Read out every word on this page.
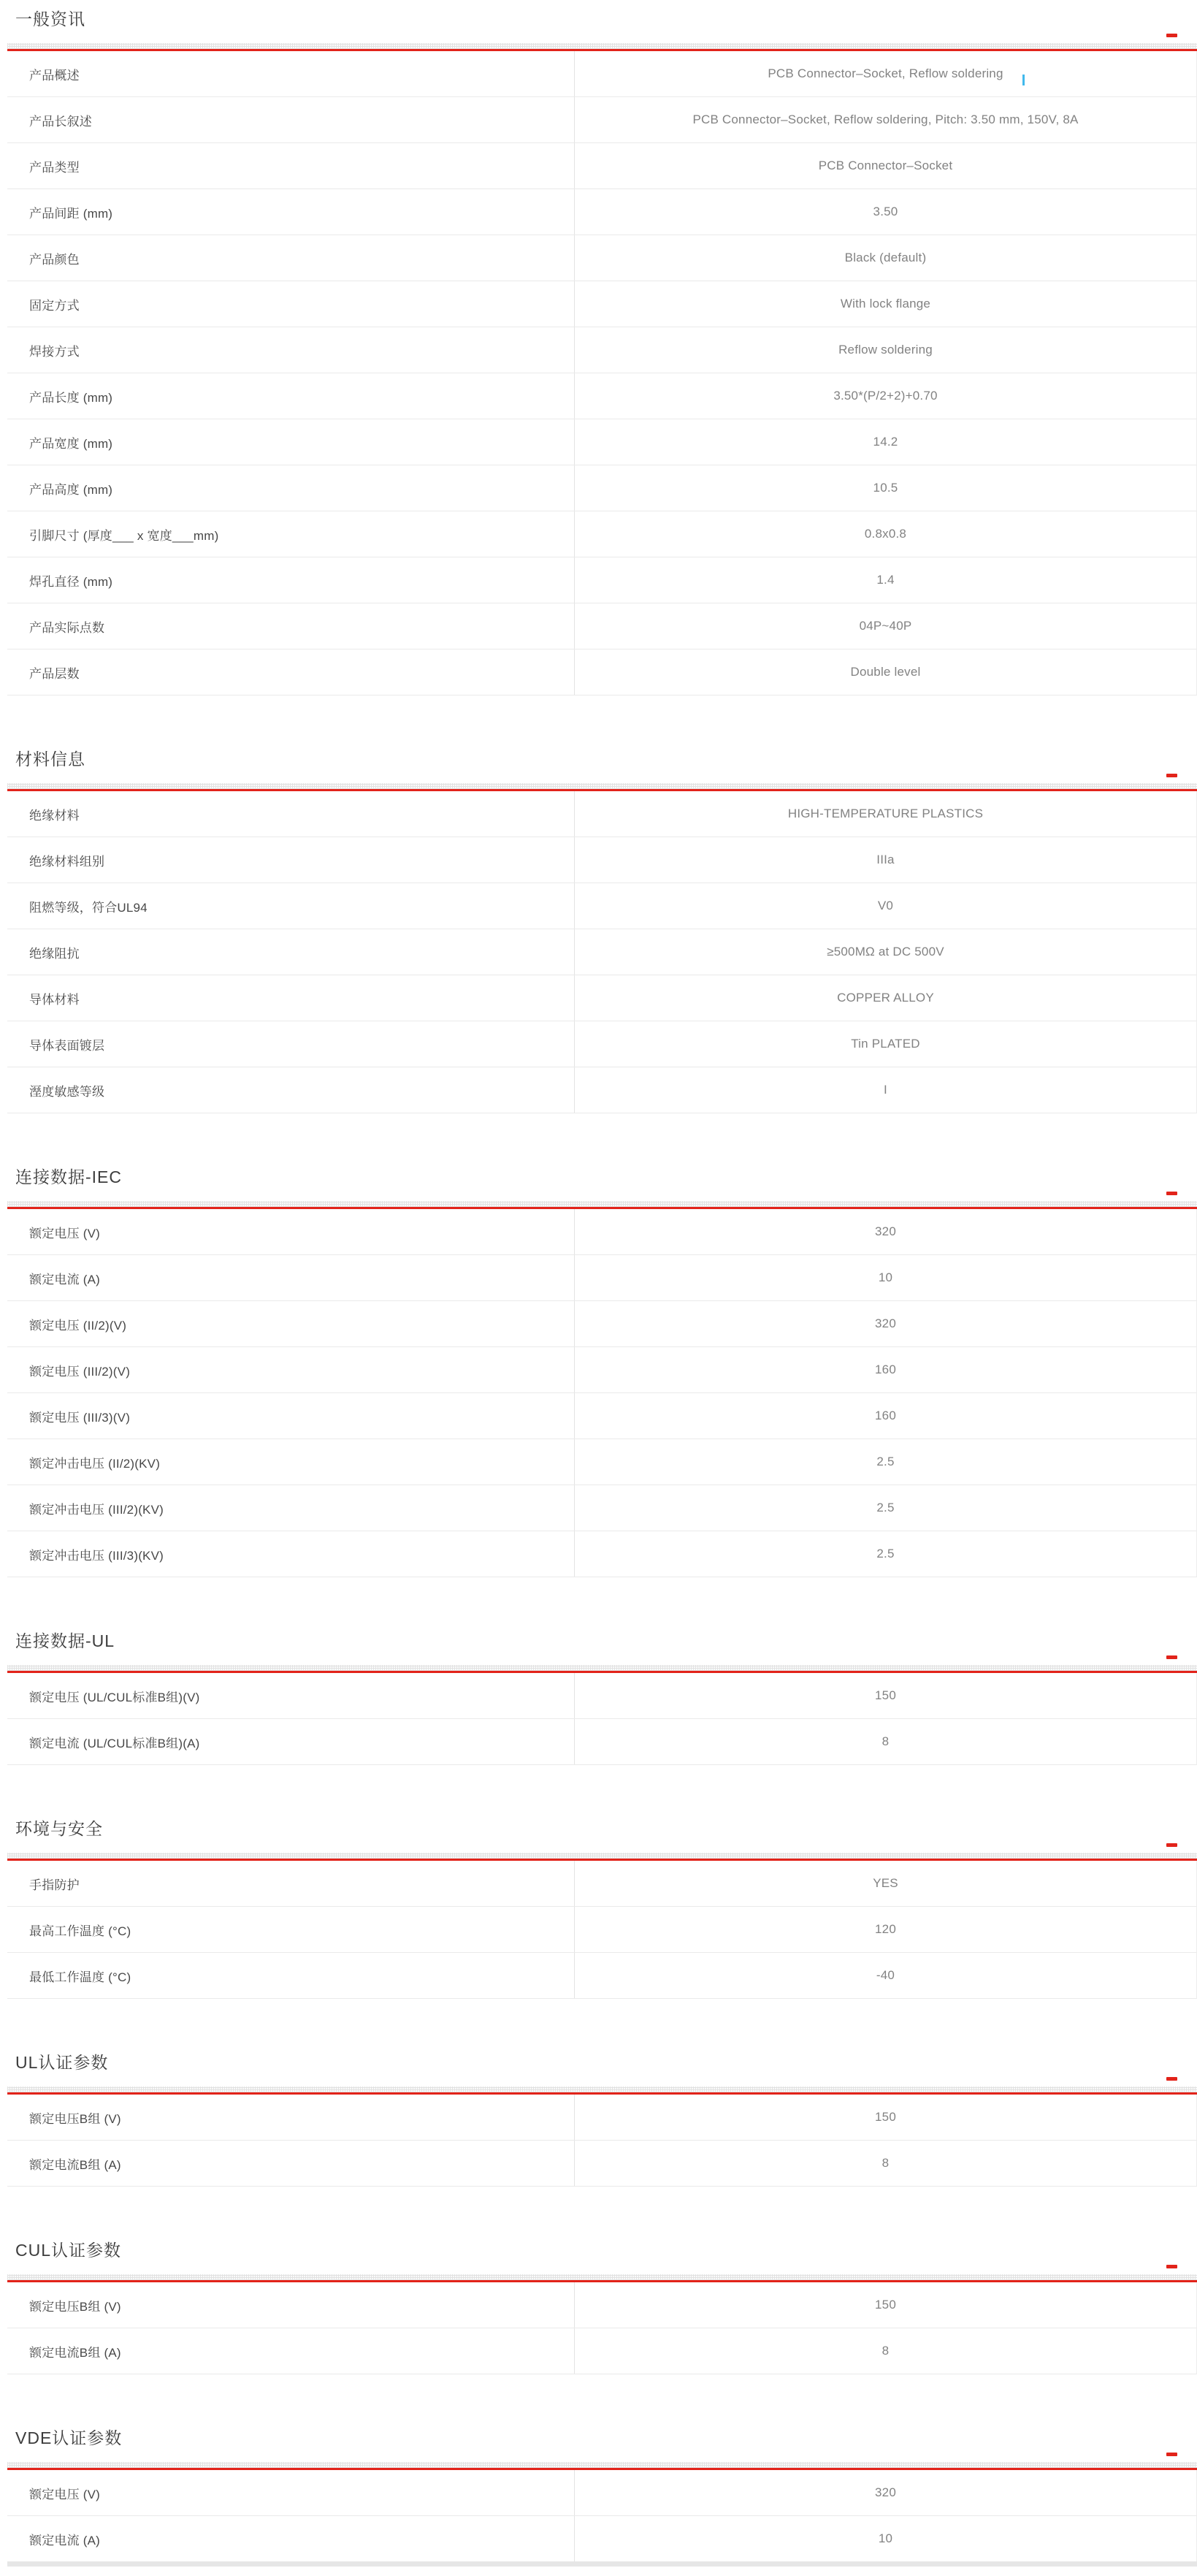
一般资讯
产品概述	PCB Connector–Socket, Reflow soldering
产品长叙述	PCB Connector–Socket, Reflow soldering, Pitch: 3.50 mm, 150V, 8A
产品类型	PCB Connector–Socket
产品间距 (mm)	3.50
产品颜色	Black (default)
固定方式	With lock flange
焊接方式	Reflow soldering
产品长度 (mm)	3.50*(P/2+2)+0.70
产品宽度 (mm)	14.2
产品高度 (mm)	10.5
引脚尺寸 (厚度___ x 宽度___mm)	0.8x0.8
焊孔直径 (mm)	1.4
产品实际点数	04P~40P
产品层数	Double level
材料信息
绝缘材料	HIGH-TEMPERATURE PLASTICS
绝缘材料组别	IIIa
阻燃等级，符合UL94	V0
绝缘阻抗	≥500MΩ at DC 500V
导体材料	COPPER ALLOY
导体表面镀层	Tin PLATED
溼度敏感等级	I
连接数据-IEC
额定电压 (V)	320
额定电流 (A)	10
额定电压 (II/2)(V)	320
额定电压 (III/2)(V)	160
额定电压 (III/3)(V)	160
额定冲击电压 (II/2)(KV)	2.5
额定冲击电压 (III/2)(KV)	2.5
额定冲击电压 (III/3)(KV)	2.5
连接数据-UL
额定电压 (UL/CUL标准B组)(V)	150
额定电流 (UL/CUL标准B组)(A)	8
环境与安全
手指防护	YES
最高工作温度 (°C)	120
最低工作温度 (°C)	-40
UL认证参数
额定电压B组 (V)	150
额定电流B组 (A)	8
CUL认证参数
额定电压B组 (V)	150
额定电流B组 (A)	8
VDE认证参数
额定电压 (V)	320
额定电流 (A)	10
